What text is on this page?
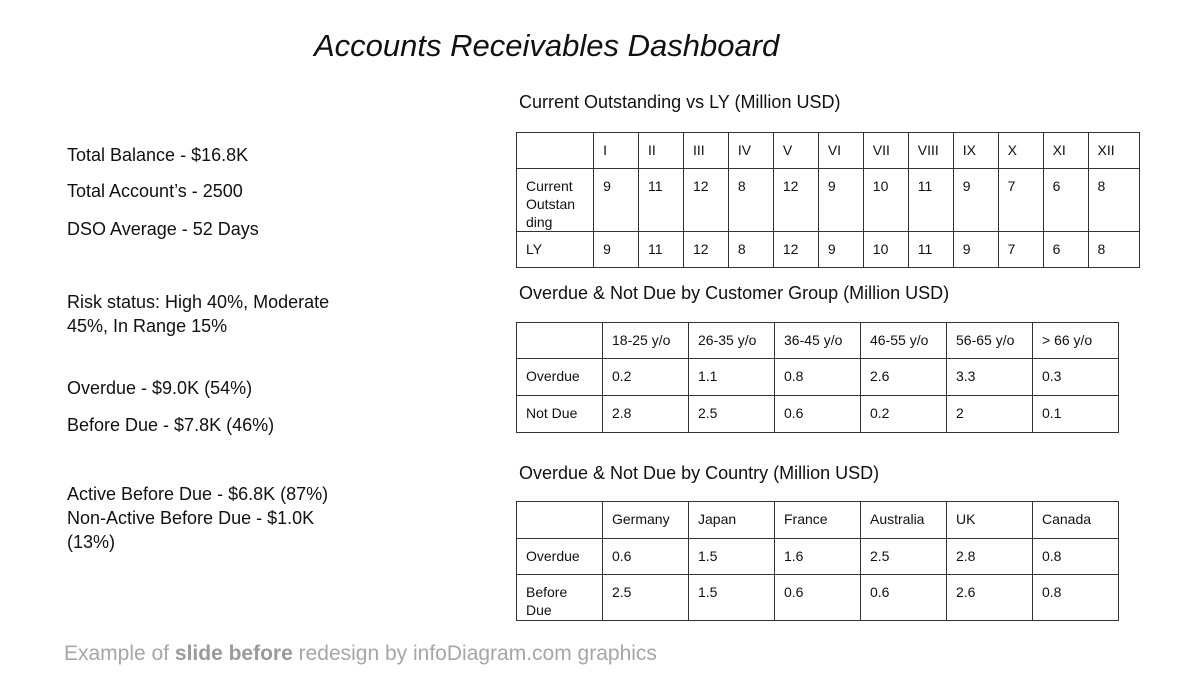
Accounts Receivables Dashboard
Total Balance - $16.8K
Total Account’s - 2500
DSO Average - 52 Days
Risk status: High 40%, Moderate
45%, In Range 15%
Overdue - $9.0K (54%)
Before Due - $7.8K (46%)
Active Before Due - $6.8K (87%)
Non-Active Before Due - $1.0K
(13%)
Current Outstanding vs LY (Million USD)
	I	II	III	IV	V	VI	VII	VIII	IX	X	XI	XII
Current Outstan ding	9	11	12	8	12	9	10	11	9	7	6	8
LY	9	11	12	8	12	9	10	11	9	7	6	8
Overdue & Not Due by Customer Group (Million USD)
	18-25 y/o	26-35 y/o	36-45 y/o	46-55 y/o	56-65 y/o	> 66 y/o
Overdue	0.2	1.1	0.8	2.6	3.3	0.3
Not Due	2.8	2.5	0.6	0.2	2	0.1
Overdue & Not Due by Country (Million USD)
	Germany	Japan	France	Australia	UK	Canada
Overdue	0.6	1.5	1.6	2.5	2.8	0.8
Before Due	2.5	1.5	0.6	0.6	2.6	0.8
Example of slide before redesign by infoDiagram.com graphics
